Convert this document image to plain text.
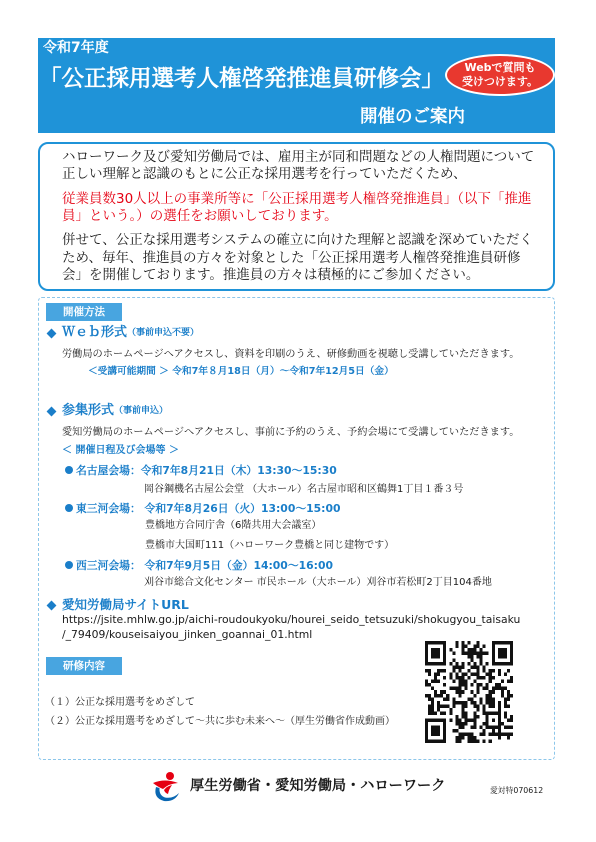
令和7年度
「公正採用選考人権啓発推進員研修会」
開催のご案内
Webで質問も
受けつけます。
ハローワーク及び愛知労働局では、雇用主が同和問題などの人権問題について
正しい理解と認識のもとに公正な採用選考を行っていただくため、
従業員数30人以上の事業所等に「公正採用選考人権啓発推進員」（以下「推進
員」という。）の選任をお願いしております。
併せて、公正な採用選考システムの確立に向けた理解と認識を深めていただく
ため、毎年、推進員の方々を対象とした「公正採用選考人権啓発推進員研修
会」を開催しております。推進員の方々は積極的にご参加ください。
開催方法
Ｗｅｂ形式 （事前申込不要）
労働局のホームページへアクセスし、資料を印刷のうえ、研修動画を視聴し受講していただきます。
＜受講可能期間 ＞ 令和7年８月18日（月）～令和7年12月5日（金）
参集形式 （事前申込）
愛知労働局のホームページへアクセスし、事前に予約のうえ、予約会場にて受講していただきます。
＜ 開催日程及び会場等 ＞
名古屋会場：令和7年8月21日（木）13:30～15:30
岡谷鋼機名古屋公会堂 （大ホール）名古屋市昭和区鶴舞1丁目１番３号
東三河会場： 令和7年8月26日（火）13:00～15:00
豊橋地方合同庁舎（6階共用大会議室）
豊橋市大国町111（ハローワーク豊橋と同じ建物です）
西三河会場： 令和7年9月5日（金）14:00～16:00
刈谷市総合文化センター 市民ホール（大ホール）刈谷市若松町2丁目104番地
愛知労働局サイトURL
https://jsite.mhlw.go.jp/aichi-roudoukyoku/hourei_seido_tetsuzuki/shokugyou_taisaku
/_79409/kouseisaiyou_jinken_goannai_01.html
研修内容
（１）公正な採用選考をめざして
（２）公正な採用選考をめざして～共に歩む未来へ～（厚生労働省作成動画）
厚生労働省・愛知労働局・ハローワーク	愛対特070612
